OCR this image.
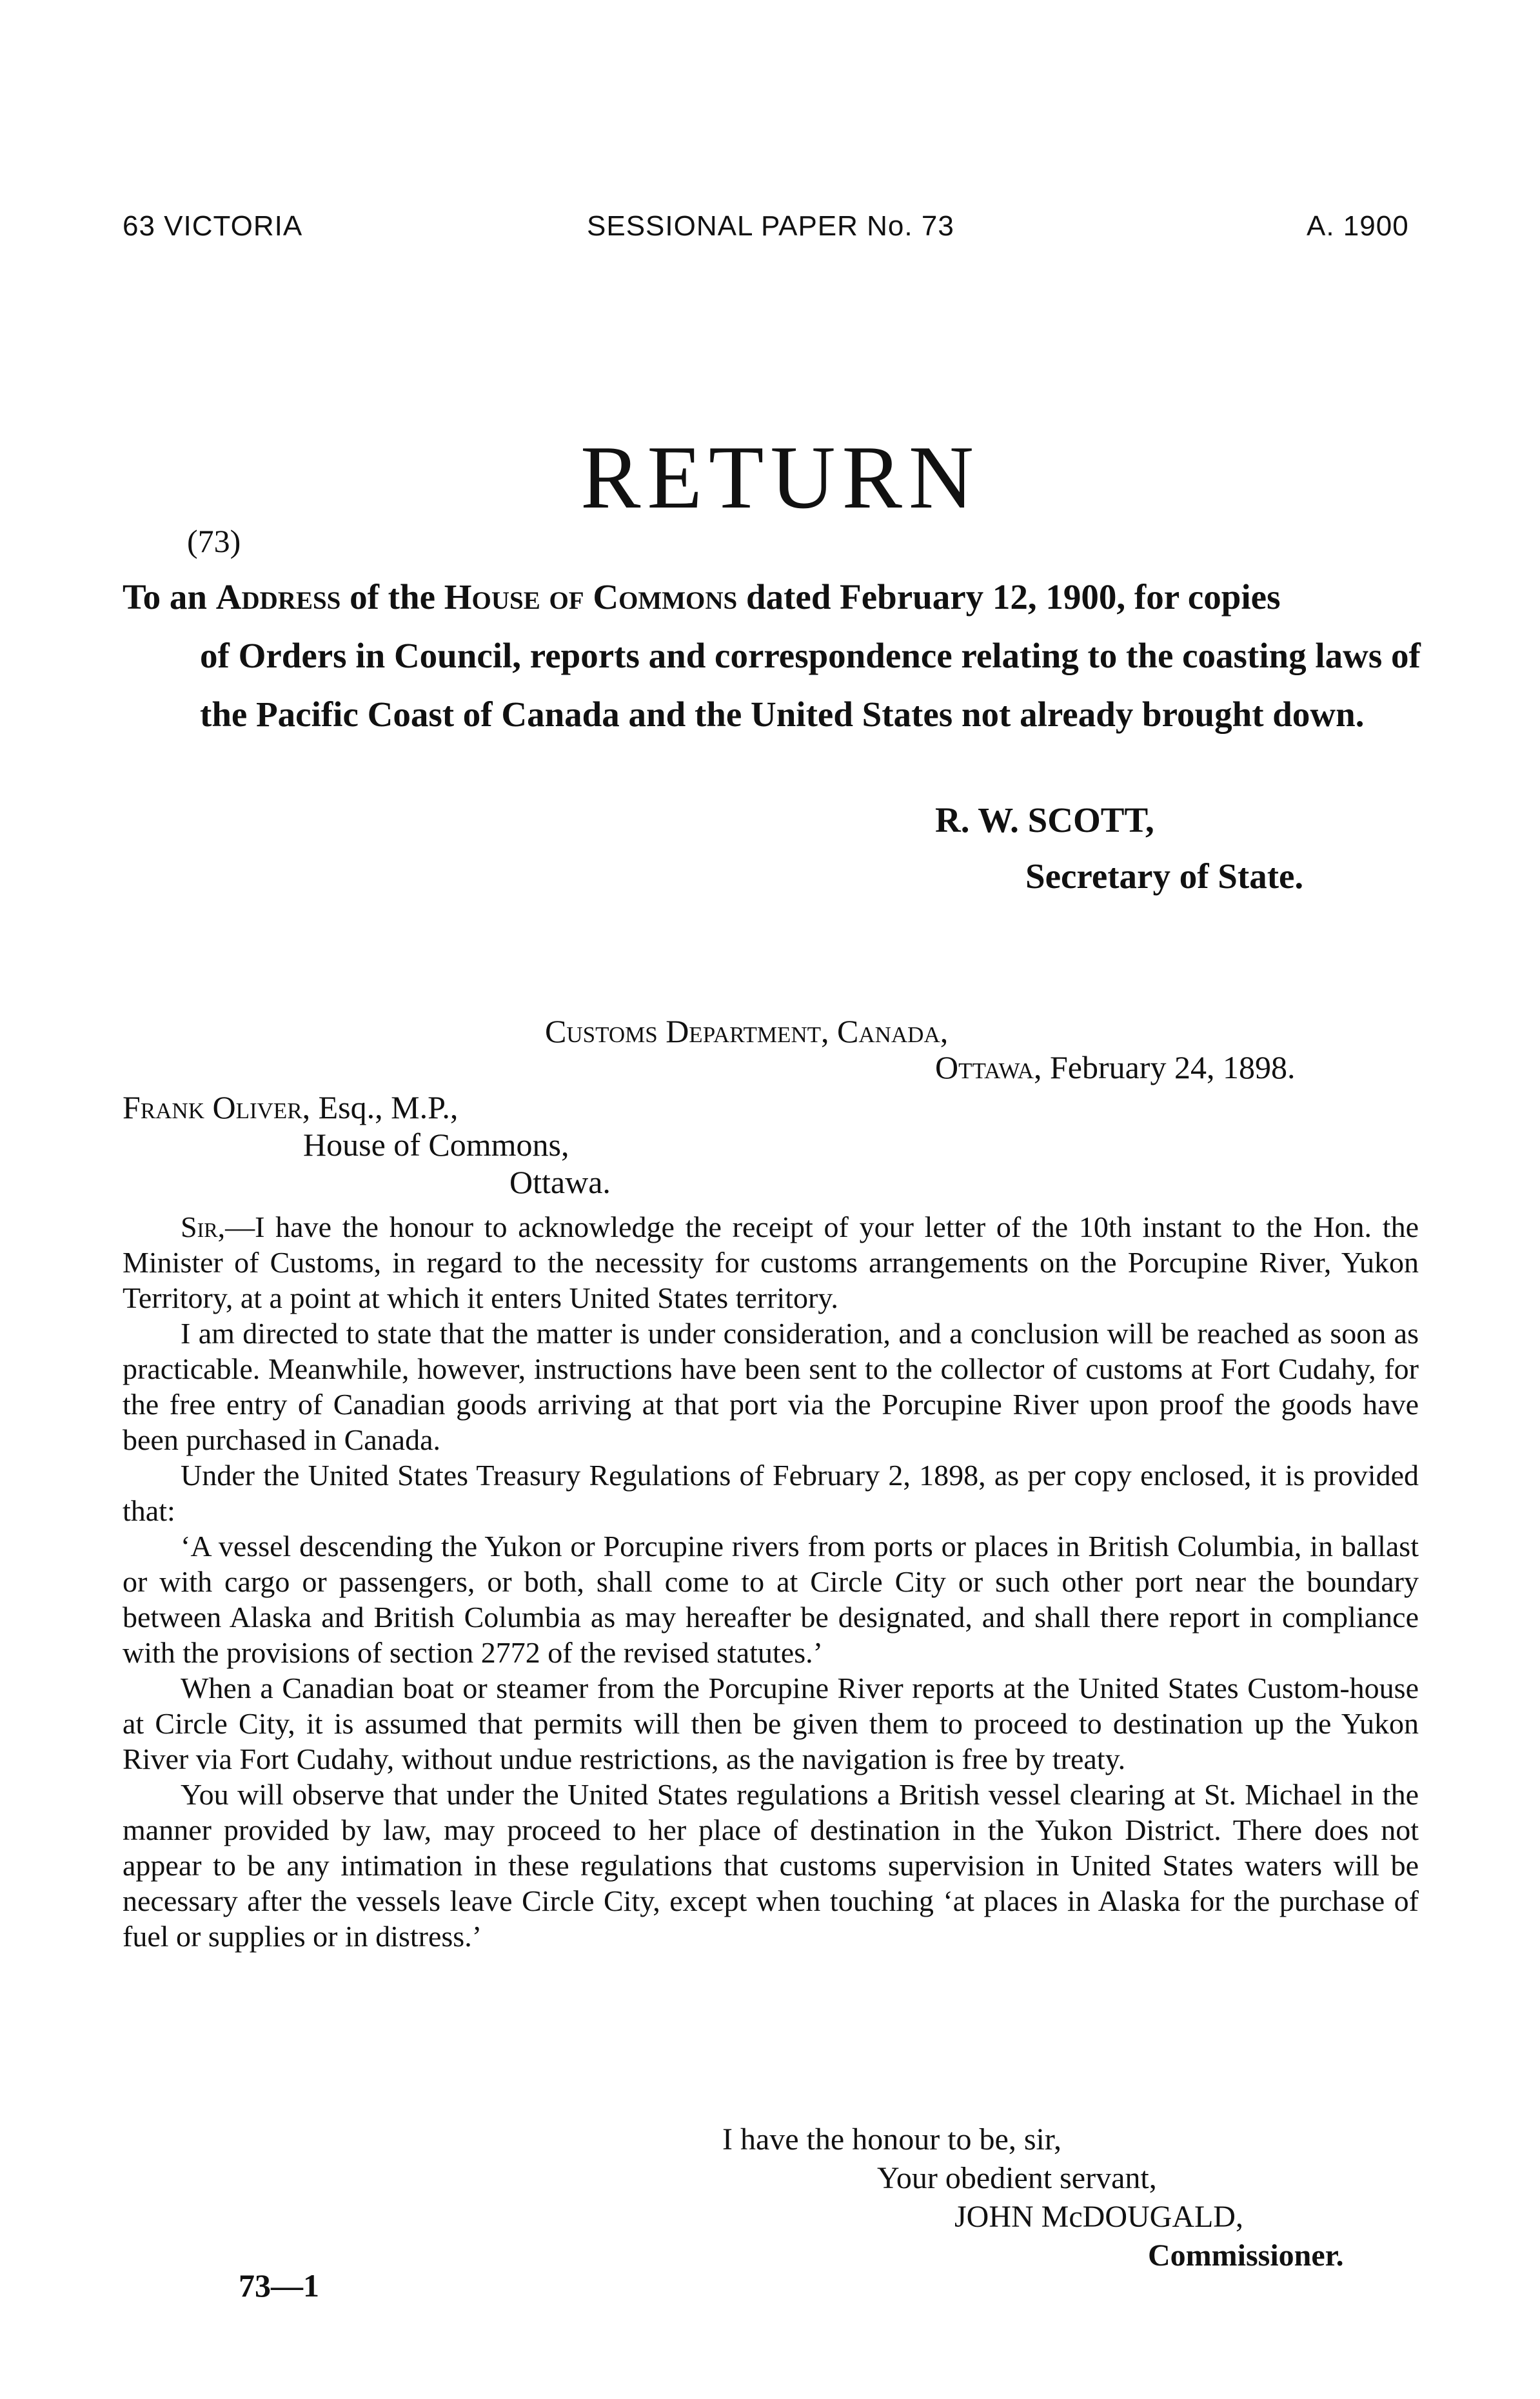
63 VICTORIA	SESSIONAL PAPER No. 73	A. 1900
RETURN
(73)
To an Address of the House of Commons dated February 12, 1900, for copies
of Orders in Council, reports and correspondence relating to the coasting laws of the Pacific Coast of Canada and the United States not already brought down.
R. W. SCOTT,
Secretary of State.
Customs Department, Canada,
Ottawa, February 24, 1898.
Frank Oliver, Esq., M.P.,
House of Commons,
Ottawa.

Sir,—I have the honour to acknowledge the receipt of your letter of the 10th instant to the Hon. the Minister of Customs, in regard to the necessity for customs arrangements on the Porcupine River, Yukon Territory, at a point at which it enters United States territory.

I am directed to state that the matter is under consideration, and a conclusion will be reached as soon as practicable. Meanwhile, however, instructions have been sent to the collector of customs at Fort Cudahy, for the free entry of Canadian goods arriving at that port via the Porcupine River upon proof the goods have been purchased in Canada.

Under the United States Treasury Regulations of February 2, 1898, as per copy enclosed, it is provided that:

‘A vessel descending the Yukon or Porcupine rivers from ports or places in British Columbia, in ballast or with cargo or passengers, or both, shall come to at Circle City or such other port near the boundary between Alaska and British Columbia as may hereafter be designated, and shall there report in compliance with the provisions of section 2772 of the revised statutes.’

When a Canadian boat or steamer from the Porcupine River reports at the United States Custom-house at Circle City, it is assumed that permits will then be given them to proceed to destination up the Yukon River via Fort Cudahy, without undue restrictions, as the navigation is free by treaty.

You will observe that under the United States regulations a British vessel clearing at St. Michael in the manner provided by law, may proceed to her place of destination in the Yukon District. There does not appear to be any intimation in these regulations that customs supervision in United States waters will be necessary after the vessels leave Circle City, except when touching ‘at places in Alaska for the purchase of fuel or supplies or in distress.’

I have the honour to be, sir,
Your obedient servant,
JOHN McDOUGALD,
Commissioner.
73—1
